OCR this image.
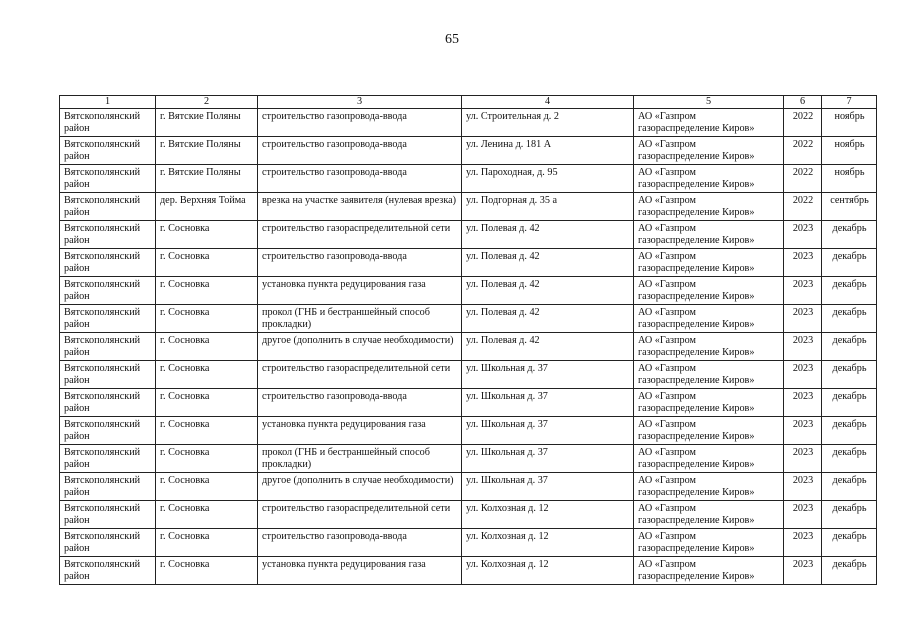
65
1	2	3	4	5	6	7
Вятскополянский район	г. Вятские Поляны	строительство газопровода-ввода	ул. Строительная д. 2	АО «Газпром газораспределение Киров»	2022	ноябрь
Вятскополянский район	г. Вятские Поляны	строительство газопровода-ввода	ул. Ленина д. 181 А	АО «Газпром газораспределение Киров»	2022	ноябрь
Вятскополянский район	г. Вятские Поляны	строительство газопровода-ввода	ул. Пароходная, д. 95	АО «Газпром газораспределение Киров»	2022	ноябрь
Вятскополянский район	дер. Верхняя Тойма	врезка на участке заявителя (нулевая врезка)	ул. Подгорная д. 35 а	АО «Газпром газораспределение Киров»	2022	сентябрь
Вятскополянский район	г. Сосновка	строительство газораспределительной сети	ул. Полевая д. 42	АО «Газпром газораспределение Киров»	2023	декабрь
Вятскополянский район	г. Сосновка	строительство газопровода-ввода	ул. Полевая д. 42	АО «Газпром газораспределение Киров»	2023	декабрь
Вятскополянский район	г. Сосновка	установка пункта редуцирования газа	ул. Полевая д. 42	АО «Газпром газораспределение Киров»	2023	декабрь
Вятскополянский район	г. Сосновка	прокол (ГНБ и бестраншейный способ прокладки)	ул. Полевая д. 42	АО «Газпром газораспределение Киров»	2023	декабрь
Вятскополянский район	г. Сосновка	другое (дополнить в случае необходимости)	ул. Полевая д. 42	АО «Газпром газораспределение Киров»	2023	декабрь
Вятскополянский район	г. Сосновка	строительство газораспределительной сети	ул. Школьная д. 37	АО «Газпром газораспределение Киров»	2023	декабрь
Вятскополянский район	г. Сосновка	строительство газопровода-ввода	ул. Школьная д. 37	АО «Газпром газораспределение Киров»	2023	декабрь
Вятскополянский район	г. Сосновка	установка пункта редуцирования газа	ул. Школьная д. 37	АО «Газпром газораспределение Киров»	2023	декабрь
Вятскополянский район	г. Сосновка	прокол (ГНБ и бестраншейный способ прокладки)	ул. Школьная д. 37	АО «Газпром газораспределение Киров»	2023	декабрь
Вятскополянский район	г. Сосновка	другое (дополнить в случае необходимости)	ул. Школьная д. 37	АО «Газпром газораспределение Киров»	2023	декабрь
Вятскополянский район	г. Сосновка	строительство газораспределительной сети	ул. Колхозная д. 12	АО «Газпром газораспределение Киров»	2023	декабрь
Вятскополянский район	г. Сосновка	строительство газопровода-ввода	ул. Колхозная д. 12	АО «Газпром газораспределение Киров»	2023	декабрь
Вятскополянский район	г. Сосновка	установка пункта редуцирования газа	ул. Колхозная д. 12	АО «Газпром газораспределение Киров»	2023	декабрь
